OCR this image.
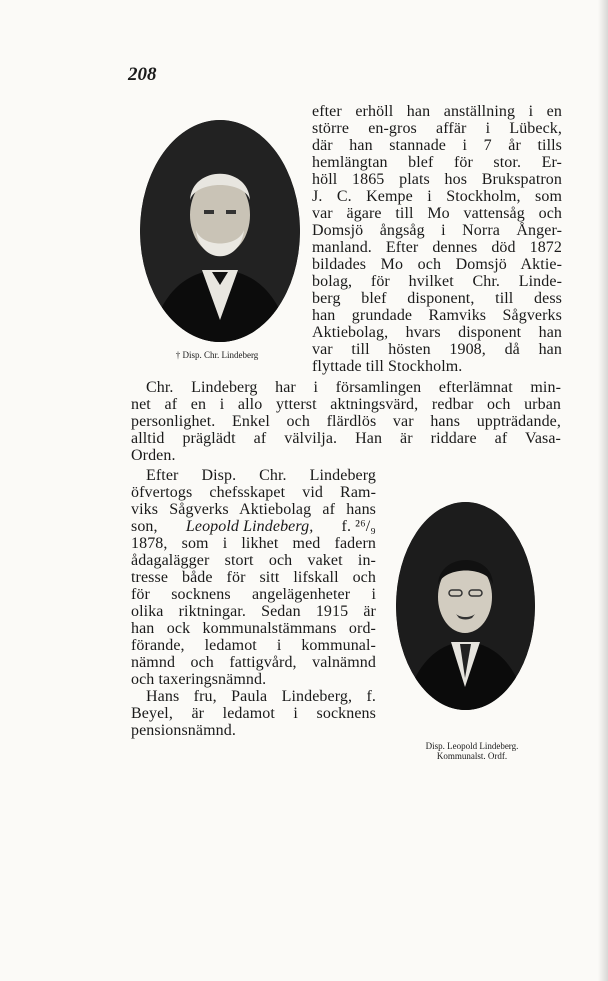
208
† Disp. Chr. Lindeberg
efter erhöll han anställning i en
större en-gros affär i Lübeck,
där han stannade i 7 år tills
hemlängtan blef för stor. Er-
höll 1865 plats hos Brukspatron
J. C. Kempe i Stockholm, som
var ägare till Mo vattensåg och
Domsjö ångsåg i Norra Ånger-
manland. Efter dennes död 1872
bildades Mo och Domsjö Aktie-
bolag, för hvilket Chr. Linde-
berg blef disponent, till dess
han grundade Ramviks Sågverks
Aktiebolag, hvars disponent han
var till hösten 1908, då han
flyttade till Stockholm.
Chr. Lindeberg har i församlingen efterlämnat min-
net af en i allo ytterst aktningsvärd, redbar och urban
personlighet. Enkel och flärdlös var hans uppträdande,
alltid präglädt af välvilja. Han är riddare af Vasa-
Orden.
Efter Disp. Chr. Lindeberg
öfvertogs chefsskapet vid Ram-
viks Sågverks Aktiebolag af hans
son, Leopold Lindeberg, f. ²⁶/₉
1878, som i likhet med fadern
ådagalägger stort och vaket in-
tresse både för sitt lifskall och
för socknens angelägenheter i
olika riktningar. Sedan 1915 är
han ock kommunalstämmans ord-
förande, ledamot i kommunal-
nämnd och fattigvård, valnämnd
och taxeringsnämnd.
Hans fru, Paula Lindeberg, f.
Beyel, är ledamot i socknens
pensionsnämnd.
Disp. Leopold Lindeberg.
Kommunalst. Ordf.
